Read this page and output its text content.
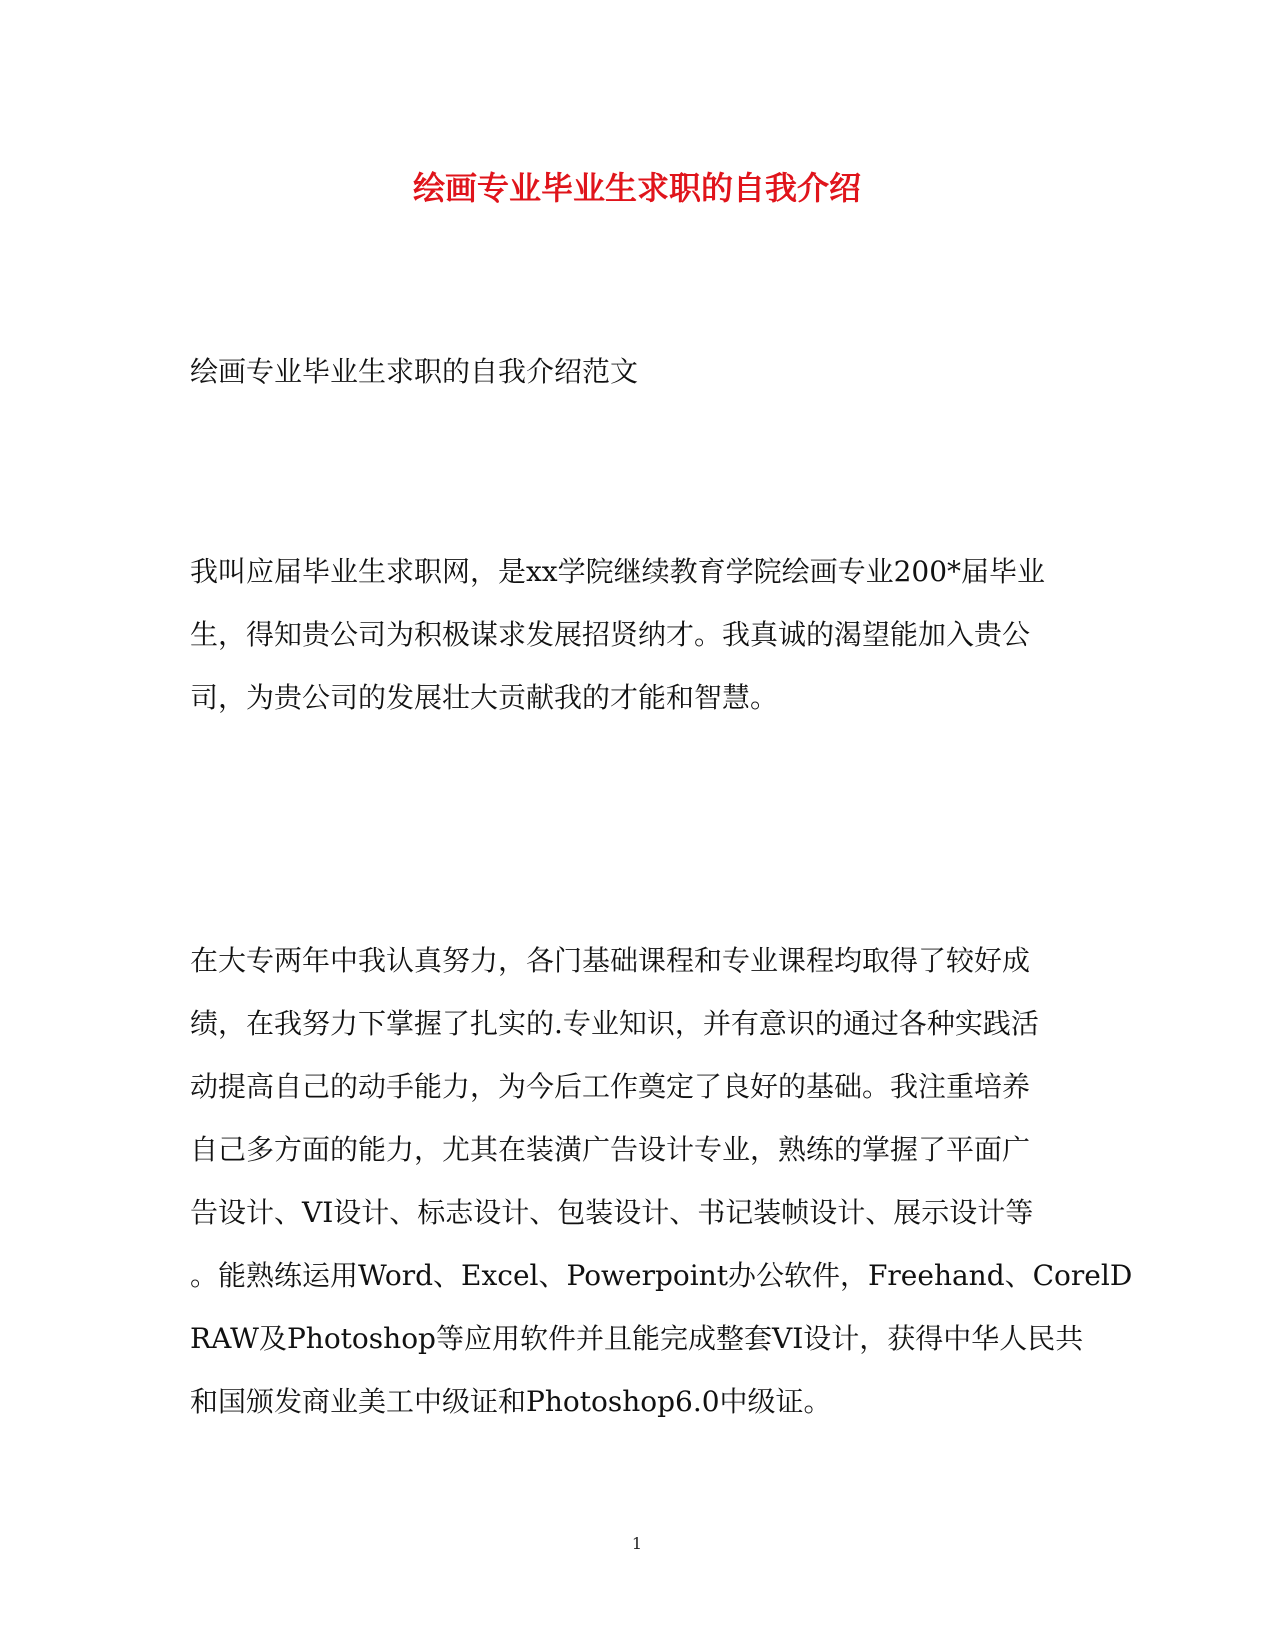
绘画专业毕业生求职的自我介绍

绘画专业毕业生求职的自我介绍范文

我叫应届毕业生求职网，是xx学院继续教育学院绘画专业200*届毕业
生，得知贵公司为积极谋求发展招贤纳才。我真诚的渴望能加入贵公
司，为贵公司的发展壮大贡献我的才能和智慧。
在大专两年中我认真努力，各门基础课程和专业课程均取得了较好成
绩，在我努力下掌握了扎实的.专业知识，并有意识的通过各种实践活
动提高自己的动手能力，为今后工作奠定了良好的基础。我注重培养
自己多方面的能力，尤其在装潢广告设计专业，熟练的掌握了平面广
告设计、VI设计、标志设计、包装设计、书记装帧设计、展示设计等
。能熟练运用Word、Excel、Powerpoint办公软件，Freehand、CorelD
RAW及Photoshop等应用软件并且能完成整套VI设计，获得中华人民共
和国颁发商业美工中级证和Photoshop6.0中级证。

1
